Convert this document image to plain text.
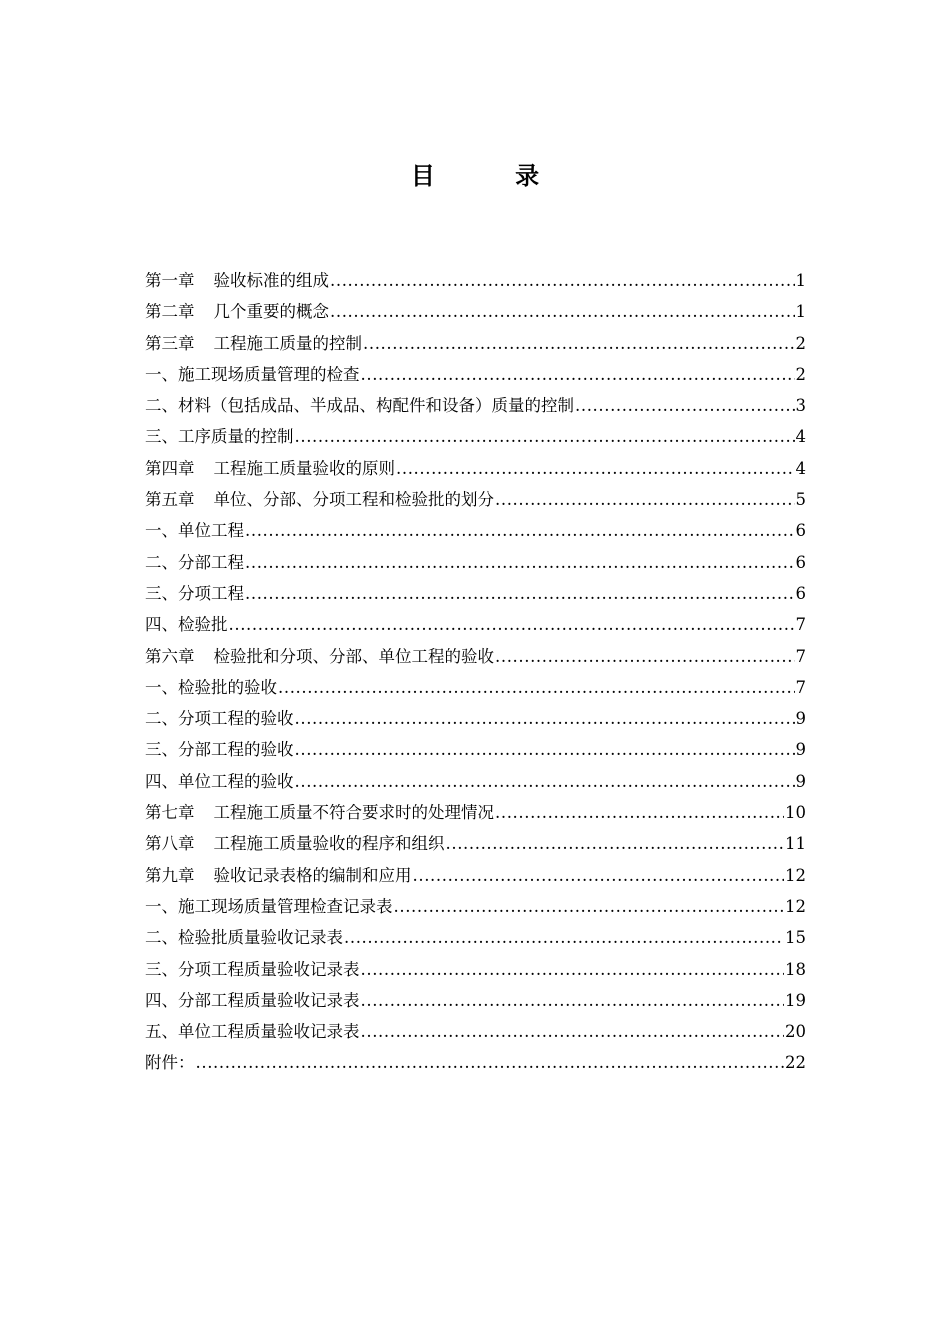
目 录
第一章 验收标准的组成 .....	1
第二章 几个重要的概念 .....	1
第三章 工程施工质量的控制 .....	2
一、施工现场质量管理的检查 .....	2
二、材料（包括成品、半成品、构配件和设备）质量的控制 .....	3
三、工序质量的控制 .....	4
第四章 工程施工质量验收的原则 .....	4
第五章 单位、分部、分项工程和检验批的划分 .....	5
一、单位工程 .....	6
二、分部工程 .....	6
三、分项工程 .....	6
四、检验批 .....	7
第六章 检验批和分项、分部、单位工程的验收 .....	7
一、检验批的验收 .....	7
二、分项工程的验收 .....	9
三、分部工程的验收 .....	9
四、单位工程的验收 .....	9
第七章 工程施工质量不符合要求时的处理情况 .....	10
第八章 工程施工质量验收的程序和组织 .....	11
第九章 验收记录表格的编制和应用 .....	12
一、施工现场质量管理检查记录表 .....	12
二、检验批质量验收记录表 .....	15
三、分项工程质量验收记录表 .....	18
四、分部工程质量验收记录表 .....	19
五、单位工程质量验收记录表 .....	20
附件： .....	22
